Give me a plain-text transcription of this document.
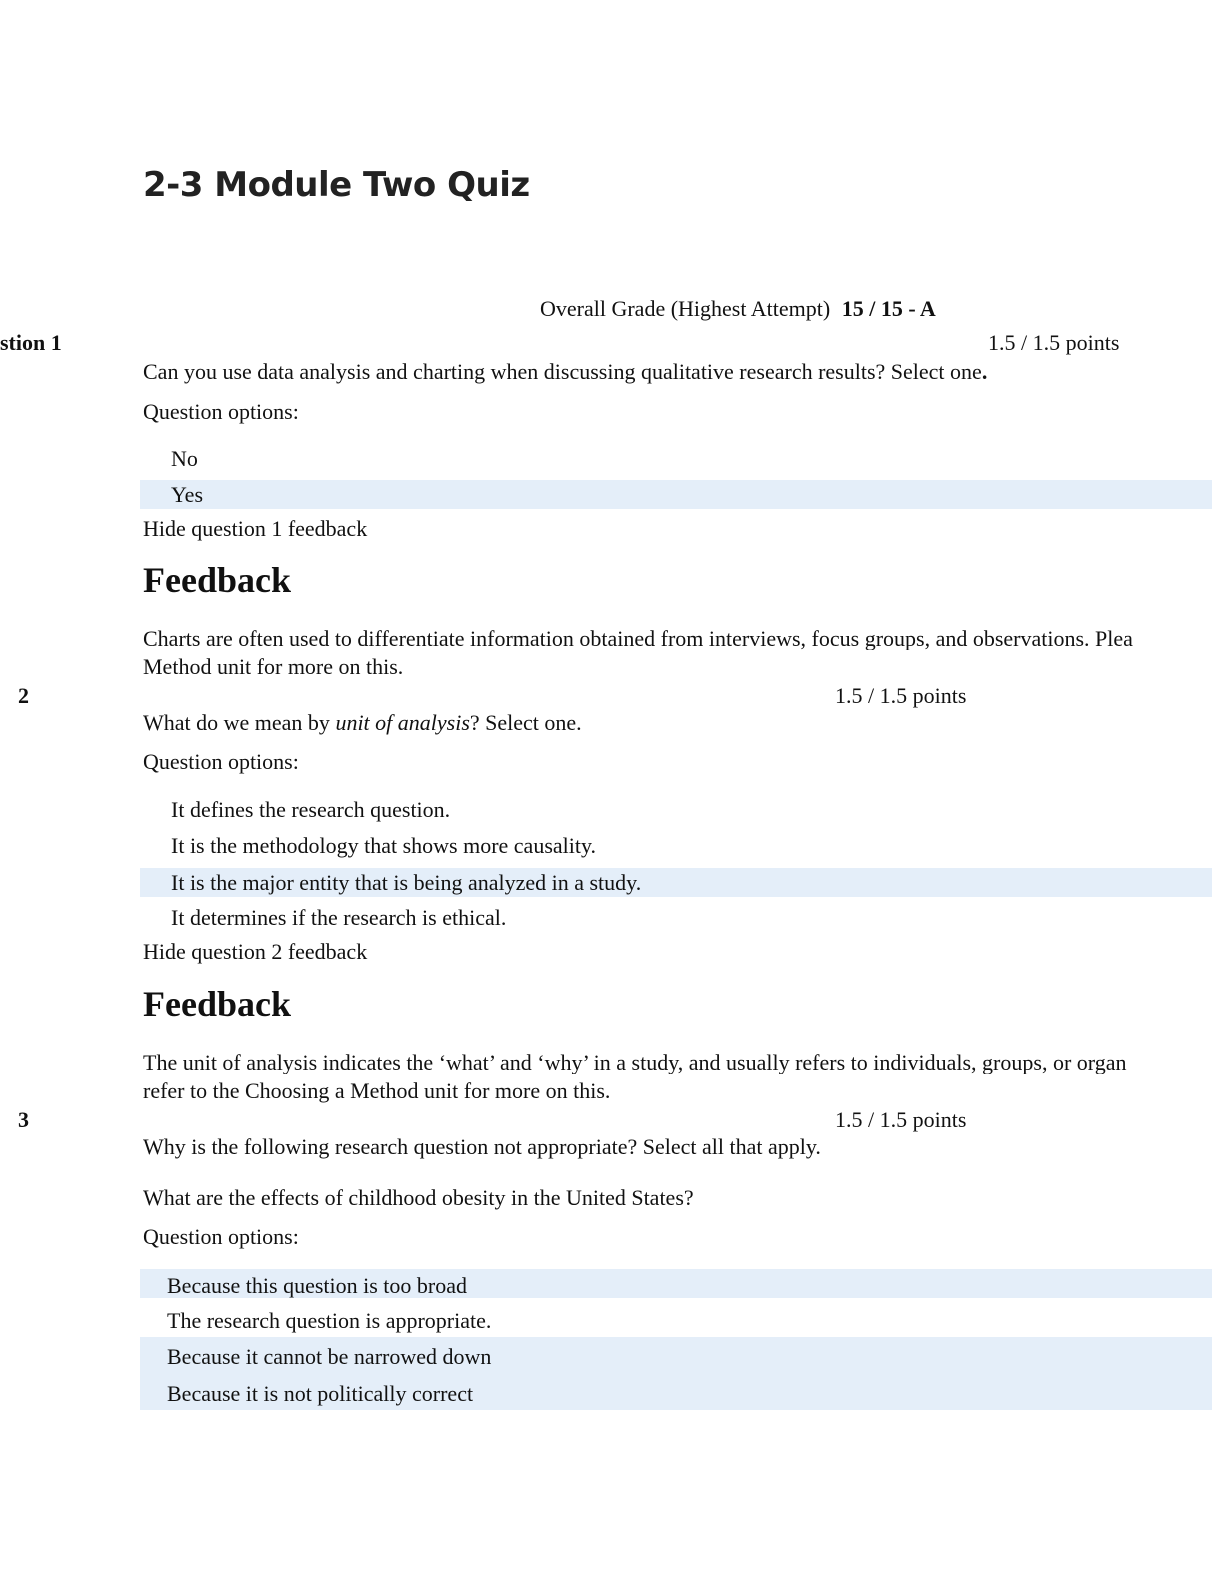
2-3 Module Two Quiz
Overall Grade (Highest Attempt) 15 / 15 - A
stion 1	1.5 / 1.5 points
Can you use data analysis and charting when discussing qualitative research results? Select one.
Question options:
No
Yes
Hide question 1 feedback
Feedback
Charts are often used to differentiate information obtained from interviews, focus groups, and observations. Plea
Method unit for more on this.
2	1.5 / 1.5 points
What do we mean by unit of analysis? Select one.
Question options:
It defines the research question.
It is the methodology that shows more causality.
It is the major entity that is being analyzed in a study.
It determines if the research is ethical.
Hide question 2 feedback
Feedback
The unit of analysis indicates the ‘what’ and ‘why’ in a study, and usually refers to individuals, groups, or organ
refer to the Choosing a Method unit for more on this.
3	1.5 / 1.5 points
Why is the following research question not appropriate? Select all that apply.
What are the effects of childhood obesity in the United States?
Question options:
Because this question is too broad
The research question is appropriate.
Because it cannot be narrowed down
Because it is not politically correct
